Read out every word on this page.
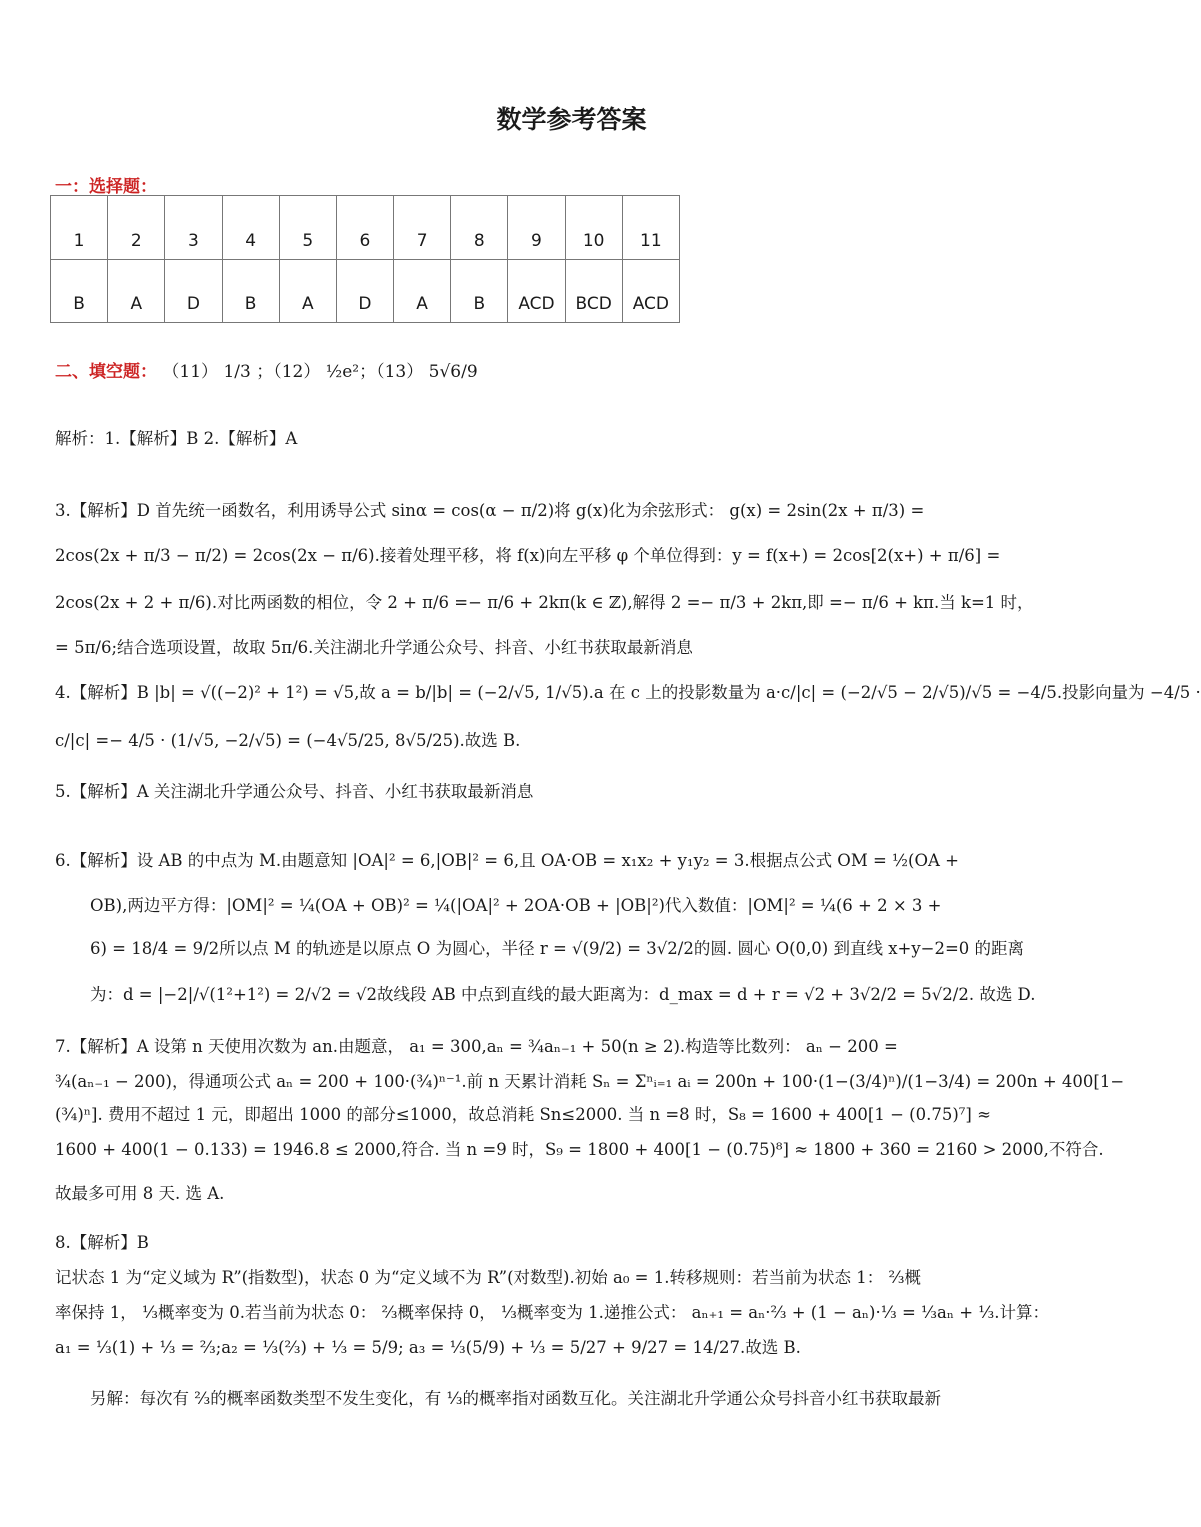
数学参考答案
一：选择题：
1	2	3	4	5	6	7	8	9	10	11
B	A	D	B	A	D	A	B	ACD	BCD	ACD
二、填空题： （11） 1/3 ；（12） ½e²；（13） 5√6/9
解析：1.【解析】B 2.【解析】A
3.【解析】D 首先统一函数名，利用诱导公式 sinα = cos(α − π/2)将 g(x)化为余弦形式： g(x) = 2sin(2x + π/3) =
2cos(2x + π/3 − π/2) = 2cos(2x − π/6).接着处理平移，将 f(x)向左平移 φ 个单位得到：y = f(x+) = 2cos[2(x+) + π/6] =
2cos(2x + 2 + π/6).对比两函数的相位，令 2 + π/6 =− π/6 + 2kπ(k ∈ ℤ),解得 2 =− π/3 + 2kπ,即 =− π/6 + kπ.当 k=1 时，
= 5π/6;结合选项设置，故取 5π/6.关注湖北升学通公众号、抖音、小红书获取最新消息
4.【解析】B |b| = √((−2)² + 1²) = √5,故 a = b/|b| = (−2/√5, 1/√5).a 在 c 上的投影数量为 a·c/|c| = (−2/√5 − 2/√5)/√5 = −4/5.投影向量为 −4/5 ·
c/|c| =− 4/5 · (1/√5, −2/√5) = (−4√5/25, 8√5/25).故选 B.
5.【解析】A 关注湖北升学通公众号、抖音、小红书获取最新消息
6.【解析】设 AB 的中点为 M.由题意知 |OA|² = 6,|OB|² = 6,且 OA·OB = x₁x₂ + y₁y₂ = 3.根据点公式 OM = ½(OA +
OB),两边平方得：|OM|² = ¼(OA + OB)² = ¼(|OA|² + 2OA·OB + |OB|²)代入数值：|OM|² = ¼(6 + 2 × 3 +
6) = 18/4 = 9/2所以点 M 的轨迹是以原点 O 为圆心，半径 r = √(9/2) = 3√2/2的圆. 圆心 O(0,0) 到直线 x+y−2=0 的距离
为：d = |−2|/√(1²+1²) = 2/√2 = √2故线段 AB 中点到直线的最大距离为：d_max = d + r = √2 + 3√2/2 = 5√2/2. 故选 D.
7.【解析】A 设第 n 天使用次数为 an.由题意， a₁ = 300,aₙ = ¾aₙ₋₁ + 50(n ≥ 2).构造等比数列： aₙ − 200 =
¾(aₙ₋₁ − 200)，得通项公式 aₙ = 200 + 100·(¾)ⁿ⁻¹.前 n 天累计消耗 Sₙ = Σⁿᵢ₌₁ aᵢ = 200n + 100·(1−(3/4)ⁿ)/(1−3/4) = 200n + 400[1−
(¾)ⁿ]. 费用不超过 1 元，即超出 1000 的部分≤1000，故总消耗 Sn≤2000. 当 n =8 时，S₈ = 1600 + 400[1 − (0.75)⁷] ≈
1600 + 400(1 − 0.133) = 1946.8 ≤ 2000,符合. 当 n =9 时，S₉ = 1800 + 400[1 − (0.75)⁸] ≈ 1800 + 360 = 2160 > 2000,不符合.
故最多可用 8 天. 选 A.
8.【解析】B
记状态 1 为“定义域为 R”(指数型)，状态 0 为“定义域不为 R”(对数型).初始 a₀ = 1.转移规则：若当前为状态 1： ⅔概
率保持 1， ⅓概率变为 0.若当前为状态 0： ⅔概率保持 0， ⅓概率变为 1.递推公式： aₙ₊₁ = aₙ·⅔ + (1 − aₙ)·⅓ = ⅓aₙ + ⅓.计算：
a₁ = ⅓(1) + ⅓ = ⅔;a₂ = ⅓(⅔) + ⅓ = 5/9; a₃ = ⅓(5/9) + ⅓ = 5/27 + 9/27 = 14/27.故选 B.
另解：每次有 ⅔的概率函数类型不发生变化，有 ⅓的概率指对函数互化。关注湖北升学通公众号抖音小红书获取最新
